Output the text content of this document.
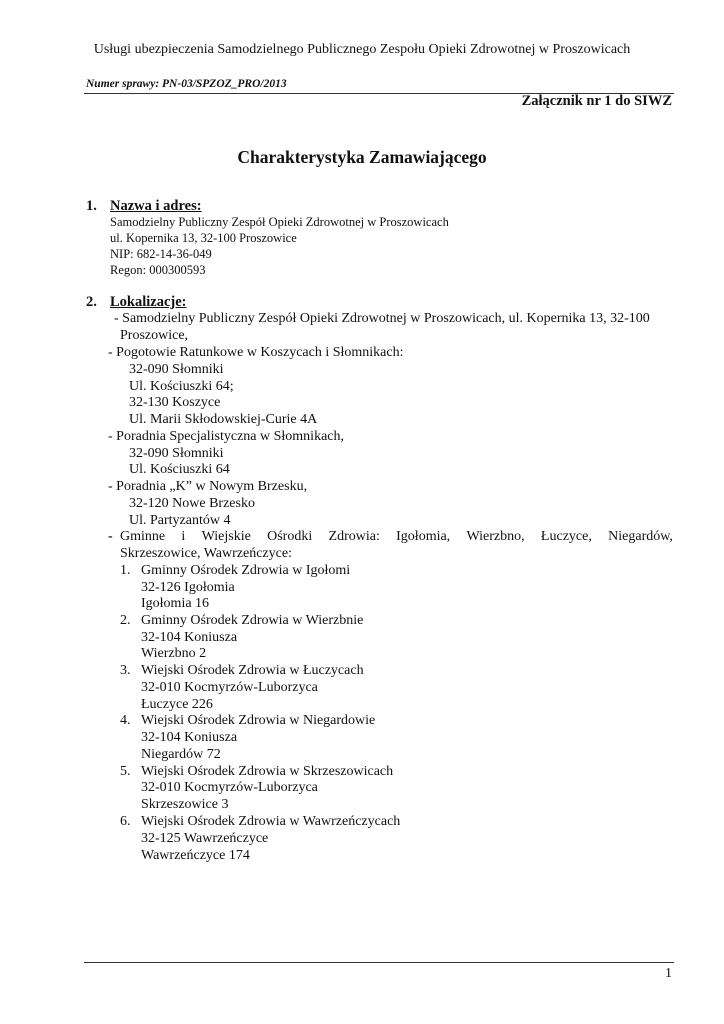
Usługi ubezpieczenia Samodzielnego Publicznego Zespołu Opieki Zdrowotnej w Proszowicach
Numer sprawy: PN-03/SPZOZ_PRO/2013
Załącznik nr 1 do SIWZ
Charakterystyka Zamawiającego
1. Nazwa i adres:
Samodzielny Publiczny Zespół Opieki Zdrowotnej w Proszowicach
ul. Kopernika 13, 32-100 Proszowice
NIP: 682-14-36-049
Regon: 000300593
2. Lokalizacje:
- Samodzielny Publiczny Zespół Opieki Zdrowotnej w Proszowicach, ul. Kopernika 13, 32-100
Proszowice,
- Pogotowie Ratunkowe w Koszycach i Słomnikach:
32-090 Słomniki
Ul. Kościuszki 64;
32-130 Koszyce
Ul. Marii Skłodowskiej-Curie 4A
- Poradnia Specjalistyczna w Słomnikach,
32-090 Słomniki
Ul. Kościuszki 64
- Poradnia „K” w Nowym Brzesku,
32-120 Nowe Brzesko
Ul. Partyzantów 4
- Gminne i Wiejskie Ośrodki Zdrowia: Igołomia, Wierzbno, Łuczyce, Niegardów,
Skrzeszowice, Wawrzeńczyce:
1. Gminny Ośrodek Zdrowia w Igołomi
32-126 Igołomia
Igołomia 16
2. Gminny Ośrodek Zdrowia w Wierzbnie
32-104 Koniusza
Wierzbno 2
3. Wiejski Ośrodek Zdrowia w Łuczycach
32-010 Kocmyrzów-Luborzyca
Łuczyce 226
4. Wiejski Ośrodek Zdrowia w Niegardowie
32-104 Koniusza
Niegardów 72
5. Wiejski Ośrodek Zdrowia w Skrzeszowicach
32-010 Kocmyrzów-Luborzyca
Skrzeszowice 3
6. Wiejski Ośrodek Zdrowia w Wawrzeńczycach
32-125 Wawrzeńczyce
Wawrzeńczyce 174
1
